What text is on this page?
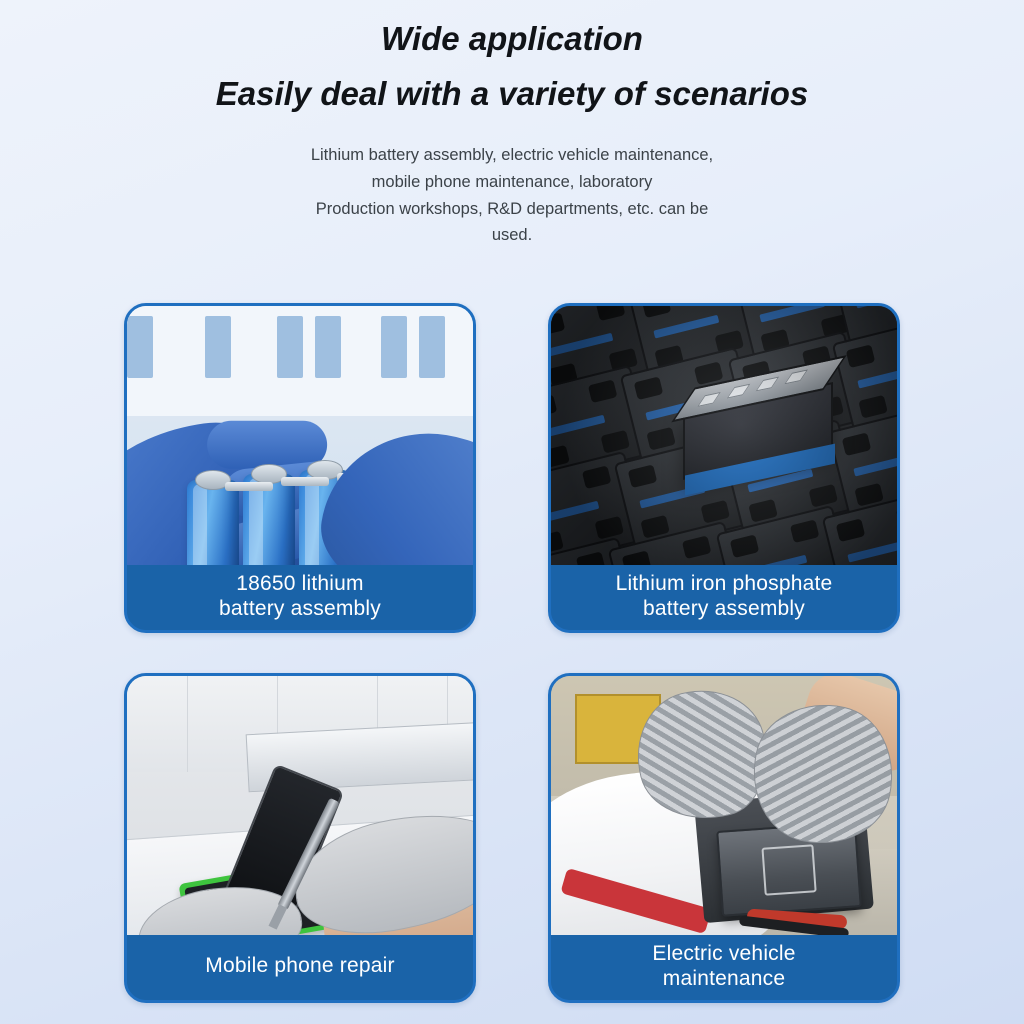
Wide application
Easily deal with a variety of scenarios
Lithium battery assembly, electric vehicle maintenance,
mobile phone maintenance, laboratory
Production workshops, R&D departments, etc. can be
used.
18650 lithium
battery assembly
Lithium iron phosphate
battery assembly
Mobile phone repair
Electric vehicle
maintenance
